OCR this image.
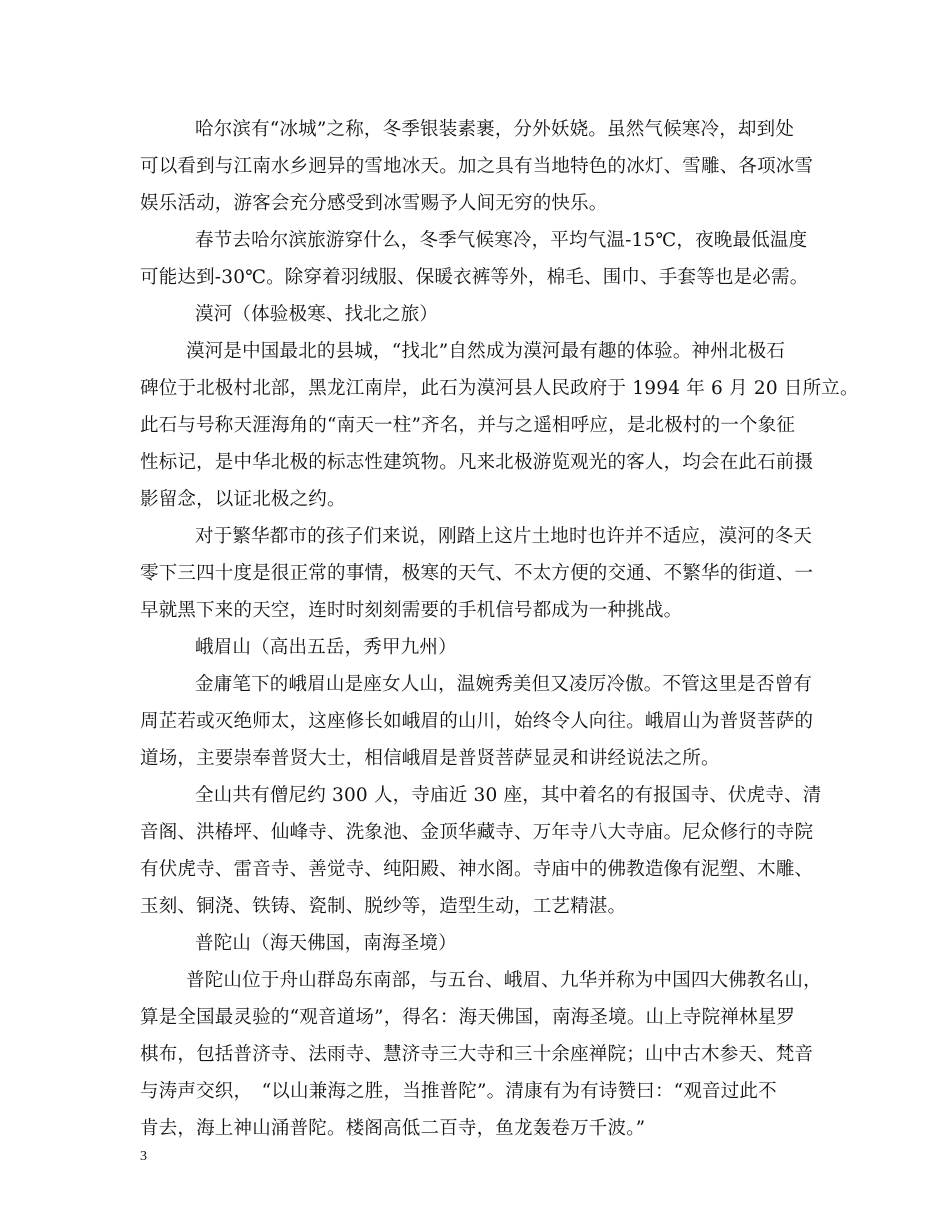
哈尔滨有“冰城”之称，冬季银装素裹，分外妖娆。虽然气候寒冷，却到处
可以看到与江南水乡迥异的雪地冰天。加之具有当地特色的冰灯、雪雕、各项冰雪
娱乐活动，游客会充分感受到冰雪赐予人间无穷的快乐。
春节去哈尔滨旅游穿什么，冬季气候寒冷，平均气温-15℃，夜晚最低温度
可能达到-30℃。除穿着羽绒服、保暖衣裤等外，棉毛、围巾、手套等也是必需。
漠河（体验极寒、找北之旅）
漠河是中国最北的县城，“找北”自然成为漠河最有趣的体验。神州北极石
碑位于北极村北部，黑龙江南岸，此石为漠河县人民政府于 1994 年 6 月 20 日所立。
此石与号称天涯海角的“南天一柱”齐名，并与之遥相呼应，是北极村的一个象征
性标记，是中华北极的标志性建筑物。凡来北极游览观光的客人，均会在此石前摄
影留念，以证北极之约。
对于繁华都市的孩子们来说，刚踏上这片土地时也许并不适应，漠河的冬天
零下三四十度是很正常的事情，极寒的天气、不太方便的交通、不繁华的街道、一
早就黑下来的天空，连时时刻刻需要的手机信号都成为一种挑战。
峨眉山（高出五岳，秀甲九州）
金庸笔下的峨眉山是座女人山，温婉秀美但又凌厉冷傲。不管这里是否曾有
周芷若或灭绝师太，这座修长如峨眉的山川，始终令人向往。峨眉山为普贤菩萨的
道场，主要崇奉普贤大士，相信峨眉是普贤菩萨显灵和讲经说法之所。
全山共有僧尼约 300 人，寺庙近 30 座，其中着名的有报国寺、伏虎寺、清
音阁、洪椿坪、仙峰寺、洗象池、金顶华藏寺、万年寺八大寺庙。尼众修行的寺院
有伏虎寺、雷音寺、善觉寺、纯阳殿、神水阁。寺庙中的佛教造像有泥塑、木雕、
玉刻、铜浇、铁铸、瓷制、脱纱等，造型生动，工艺精湛。
普陀山（海天佛国，南海圣境）
普陀山位于舟山群岛东南部，与五台、峨眉、九华并称为中国四大佛教名山，
算是全国最灵验的“观音道场”，得名：海天佛国，南海圣境。山上寺院禅林星罗
棋布，包括普济寺、法雨寺、慧济寺三大寺和三十余座禅院；山中古木参天、梵音
与涛声交织，　“以山兼海之胜，当推普陀”。清康有为有诗赞曰：“观音过此不
肯去，海上神山涌普陀。楼阁高低二百寺，鱼龙轰卷万千波。”
3
